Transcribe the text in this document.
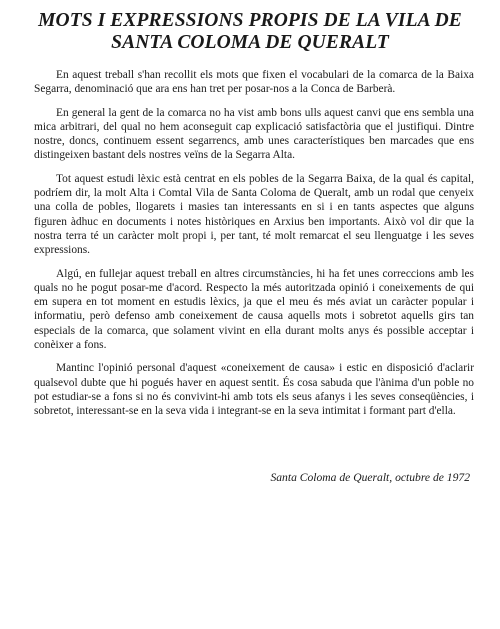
MOTS I EXPRESSIONS PROPIS DE LA VILA DE
SANTA COLOMA DE QUERALT

En aquest treball s'han recollit els mots que fixen el vocabulari de la comarca de la Baixa Segarra, denominació que ara ens han tret per posar-nos a la Conca de Barberà.

En general la gent de la comarca no ha vist amb bons ulls aquest canvi que ens sembla una mica arbitrari, del qual no hem aconseguit cap explicació satisfactòria que el justifiqui. Dintre nostre, doncs, continuem essent segarrencs, amb unes característiques ben marcades que ens distingeixen bastant dels nostres veïns de la Segarra Alta.

Tot aquest estudi lèxic està centrat en els pobles de la Segarra Baixa, de la qual és capital, podríem dir, la molt Alta i Comtal Vila de Santa Coloma de Queralt, amb un rodal que cenyeix una colla de pobles, llogarets i masies tan interessants en si i en tants aspectes que alguns figuren àdhuc en documents i notes històriques en Arxius ben importants. Això vol dir que la nostra terra té un caràcter molt propi i, per tant, té molt remarcat el seu llenguatge i les seves expressions.

Algú, en fullejar aquest treball en altres circumstàncies, hi ha fet unes correccions amb les quals no he pogut posar-me d'acord. Respecto la més autoritzada opinió i coneixements de qui em supera en tot moment en estudis lèxics, ja que el meu és més aviat un caràcter popular i informatiu, però defenso amb coneixement de causa aquells mots i sobretot aquells girs tan especials de la comarca, que solament vivint en ella durant molts anys és possible acceptar i conèixer a fons.

Mantinc l'opinió personal d'aquest «coneixement de causa» i estic en disposició d'aclarir qualsevol dubte que hi pogués haver en aquest sentit. És cosa sabuda que l'ànima d'un poble no pot estudiar-se a fons si no és convivint-hi amb tots els seus afanys i les seves conseqüències, i sobretot, interessant-se en la seva vida i integrant-se en la seva intimitat i formant part d'ella.

Santa Coloma de Queralt, octubre de 1972
